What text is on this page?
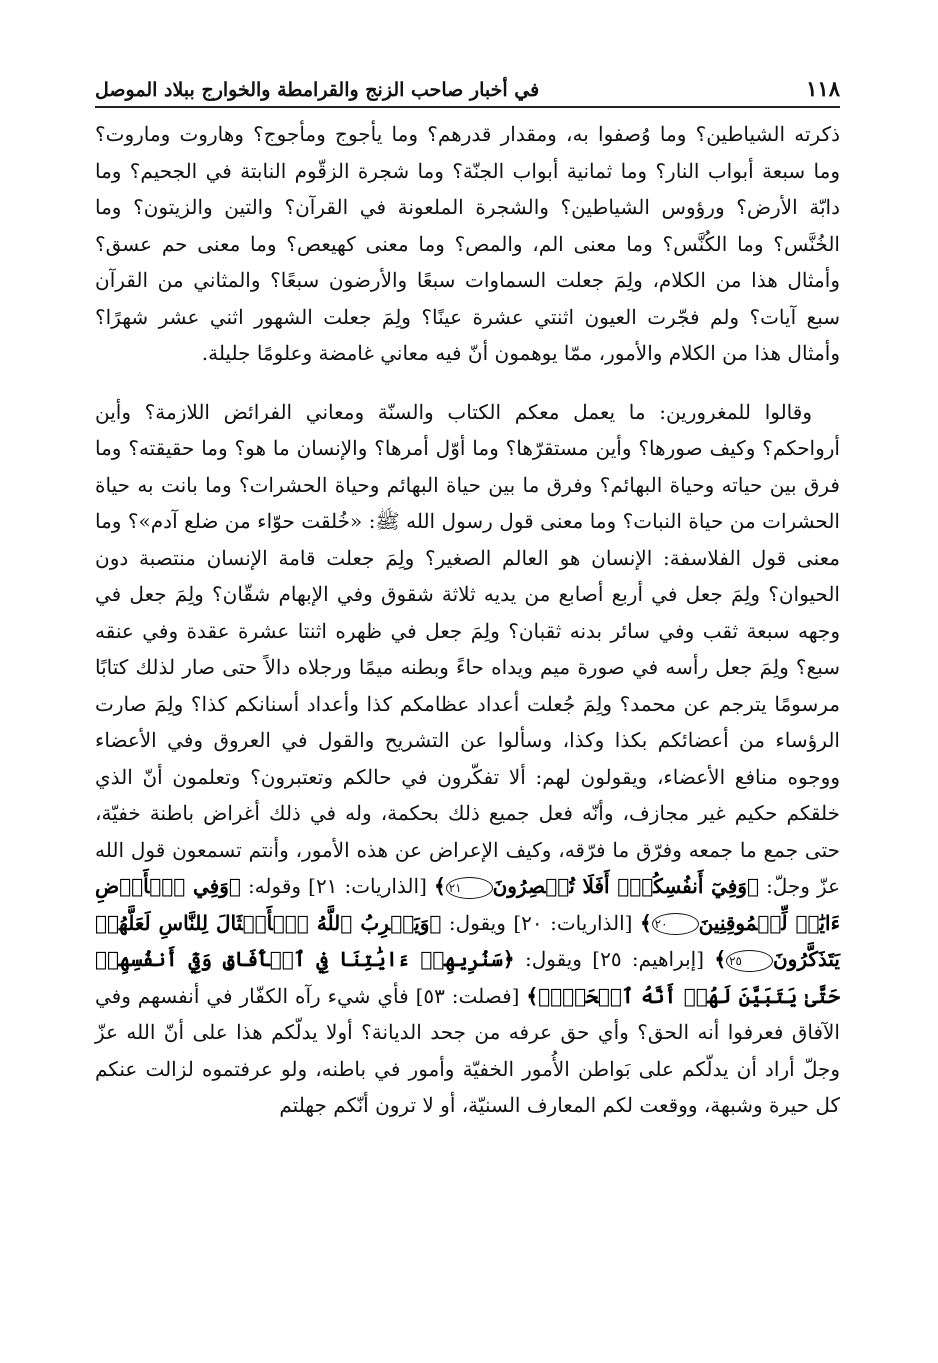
١١٨
في أخبار صاحب الزنج والقرامطة والخوارج ببلاد الموصل

ذكرته الشياطين؟ وما وُصفوا به، ومقدار قدرهم؟ وما يأجوج ومأجوج؟ وهاروت وماروت؟ وما سبعة أبواب النار؟ وما ثمانية أبواب الجنّة؟ وما شجرة الزقّوم النابتة في الجحيم؟ وما دابّة الأرض؟ ورؤوس الشياطين؟ والشجرة الملعونة في القرآن؟ والتين والزيتون؟ وما الخُنَّس؟ وما الكُنَّس؟ وما معنى الم، والمص؟ وما معنى كهيعص؟ وما معنى حم عسق؟ وأمثال هذا من الكلام، ولِمَ جعلت السماوات سبعًا والأرضون سبعًا؟ والمثاني من القرآن سبع آيات؟ ولم فجّرت العيون اثنتي عشرة عينًا؟ ولِمَ جعلت الشهور اثني عشر شهرًا؟ وأمثال هذا من الكلام والأمور، ممّا يوهمون أنّ فيه معاني غامضة وعلومًا جليلة.

وقالوا للمغرورين: ما يعمل معكم الكتاب والسنّة ومعاني الفرائض اللازمة؟ وأين أرواحكم؟ وكيف صورها؟ وأين مستقرّها؟ وما أوّل أمرها؟ والإنسان ما هو؟ وما حقيقته؟ وما فرق بين حياته وحياة البهائم؟ وفرق ما بين حياة البهائم وحياة الحشرات؟ وما بانت به حياة الحشرات من حياة النبات؟ وما معنى قول رسول الله ﷺ: «خُلقت حوّاء من ضلع آدم»؟ وما معنى قول الفلاسفة: الإنسان هو العالم الصغير؟ ولِمَ جعلت قامة الإنسان منتصبة دون الحيوان؟ ولِمَ جعل في أربع أصابع من يديه ثلاثة شقوق وفي الإبهام شقّان؟ ولِمَ جعل في وجهه سبعة ثقب وفي سائر بدنه ثقبان؟ ولِمَ جعل في ظهره اثنتا عشرة عقدة وفي عنقه سبع؟ ولِمَ جعل رأسه في صورة ميم ويداه حاءً وبطنه ميمًا ورجلاه دالاً حتى صار لذلك كتابًا مرسومًا يترجم عن محمد؟ ولِمَ جُعلت أعداد عظامكم كذا وأعداد أسنانكم كذا؟ ولِمَ صارت الرؤساء من أعضائكم بكذا وكذا، وسألوا عن التشريح والقول في العروق وفي الأعضاء ووجوه منافع الأعضاء، ويقولون لهم: ألا تفكّرون في حالكم وتعتبرون؟ وتعلمون أنّ الذي خلقكم حكيم غير مجازف، وأنّه فعل جميع ذلك بحكمة، وله في ذلك أغراض باطنة خفيّة، حتى جمع ما جمعه وفرّق ما فرّقه، وكيف الإعراض عن هذه الأمور، وأنتم تسمعون قول الله عزّ وجلّ: ﴿وَفِيٓ أَنفُسِكُمۡۚ أَفَلَا تُبۡصِرُونَ٢١﴾ [الذاريات: ٢١] وقوله: ﴿وَفِي ٱلۡأَرۡضِ ءَايَٰتٞ لِّلۡمُوقِنِينَ٢٠﴾ [الذاريات: ٢٠] ويقول: ﴿وَيَضۡرِبُ ٱللَّهُ ٱلۡأَمۡثَالَ لِلنَّاسِ لَعَلَّهُمۡ يَتَذَكَّرُونَ٢٥﴾ [إبراهيم: ٢٥] ويقول: ﴿سَنُرِيهِمۡ ءَايَٰتِنَا فِي ٱلۡأٓفَاقِ وَفِيٓ أَنفُسِهِمۡ حَتَّىٰ يَتَبَيَّنَ لَهُمۡ أَنَّهُ ٱلۡحَقُّۗ﴾ [فصلت: ٥٣] فأي شيء رآه الكفّار في أنفسهم وفي الآفاق فعرفوا أنه الحق؟ وأي حق عرفه من جحد الديانة؟ أولا يدلّكم هذا على أنّ الله عزّ وجلّ أراد أن يدلّكم على بَواطن الأُمور الخفيّة وأمور في باطنه، ولو عرفتموه لزالت عنكم كل حيرة وشبهة، ووقعت لكم المعارف السنيّة، أو لا ترون أنّكم جهلتم
